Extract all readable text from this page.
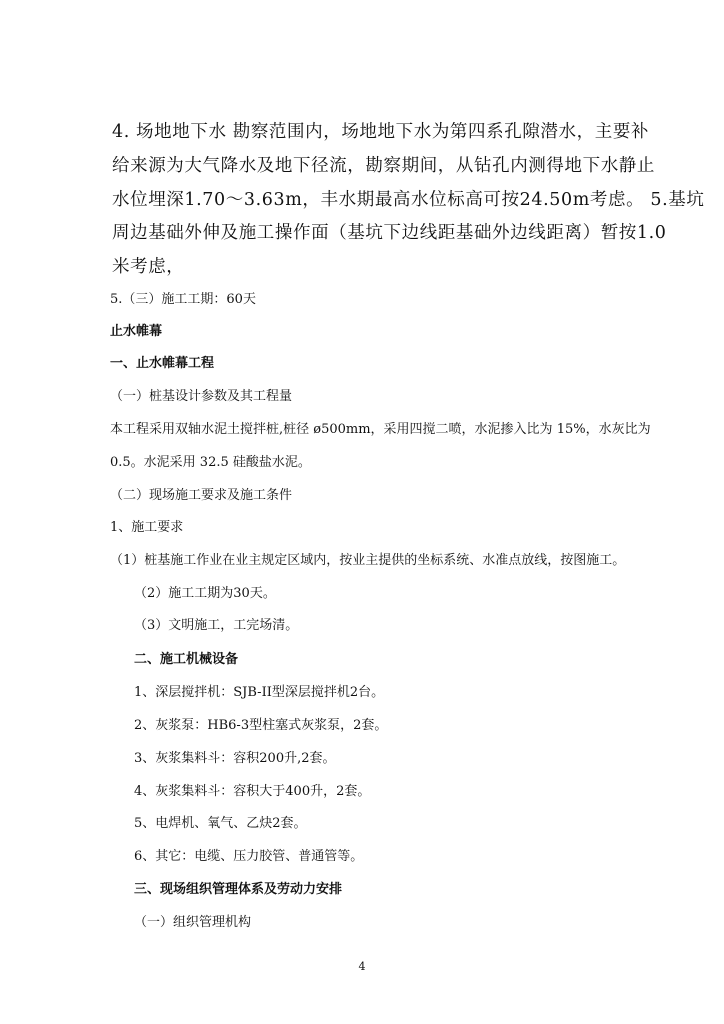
4. 场地地下水 勘察范围内，场地地下水为第四系孔隙潜水，主要补
给来源为大气降水及地下径流，勘察期间，从钻孔内测得地下水静止
水位埋深1.70～3.63m，丰水期最高水位标高可按24.50m考虑。 5.基坑
周边基础外伸及施工操作面（基坑下边线距基础外边线距离）暂按1.0
米考虑，
5.（三）施工工期：60天
止水帷幕
一、止水帷幕工程
（一）桩基设计参数及其工程量
本工程采用双轴水泥土搅拌桩,桩径 ø500mm，采用四搅二喷，水泥掺入比为 15%，水灰比为
0.5。水泥采用 32.5 硅酸盐水泥。
（二）现场施工要求及施工条件
1、施工要求
（1）桩基施工作业在业主规定区域内，按业主提供的坐标系统、水准点放线，按图施工。
（2）施工工期为30天。
（3）文明施工，工完场清。
二、施工机械设备
1、深层搅拌机：SJB-II型深层搅拌机2台。
2、灰浆泵：HB6-3型柱塞式灰浆泵，2套。
3、灰浆集料斗：容积200升,2套。
4、灰浆集料斗：容积大于400升，2套。
5、电焊机、氧气、乙炔2套。
6、其它：电缆、压力胶管、普通管等。
三、现场组织管理体系及劳动力安排
（一）组织管理机构
4
